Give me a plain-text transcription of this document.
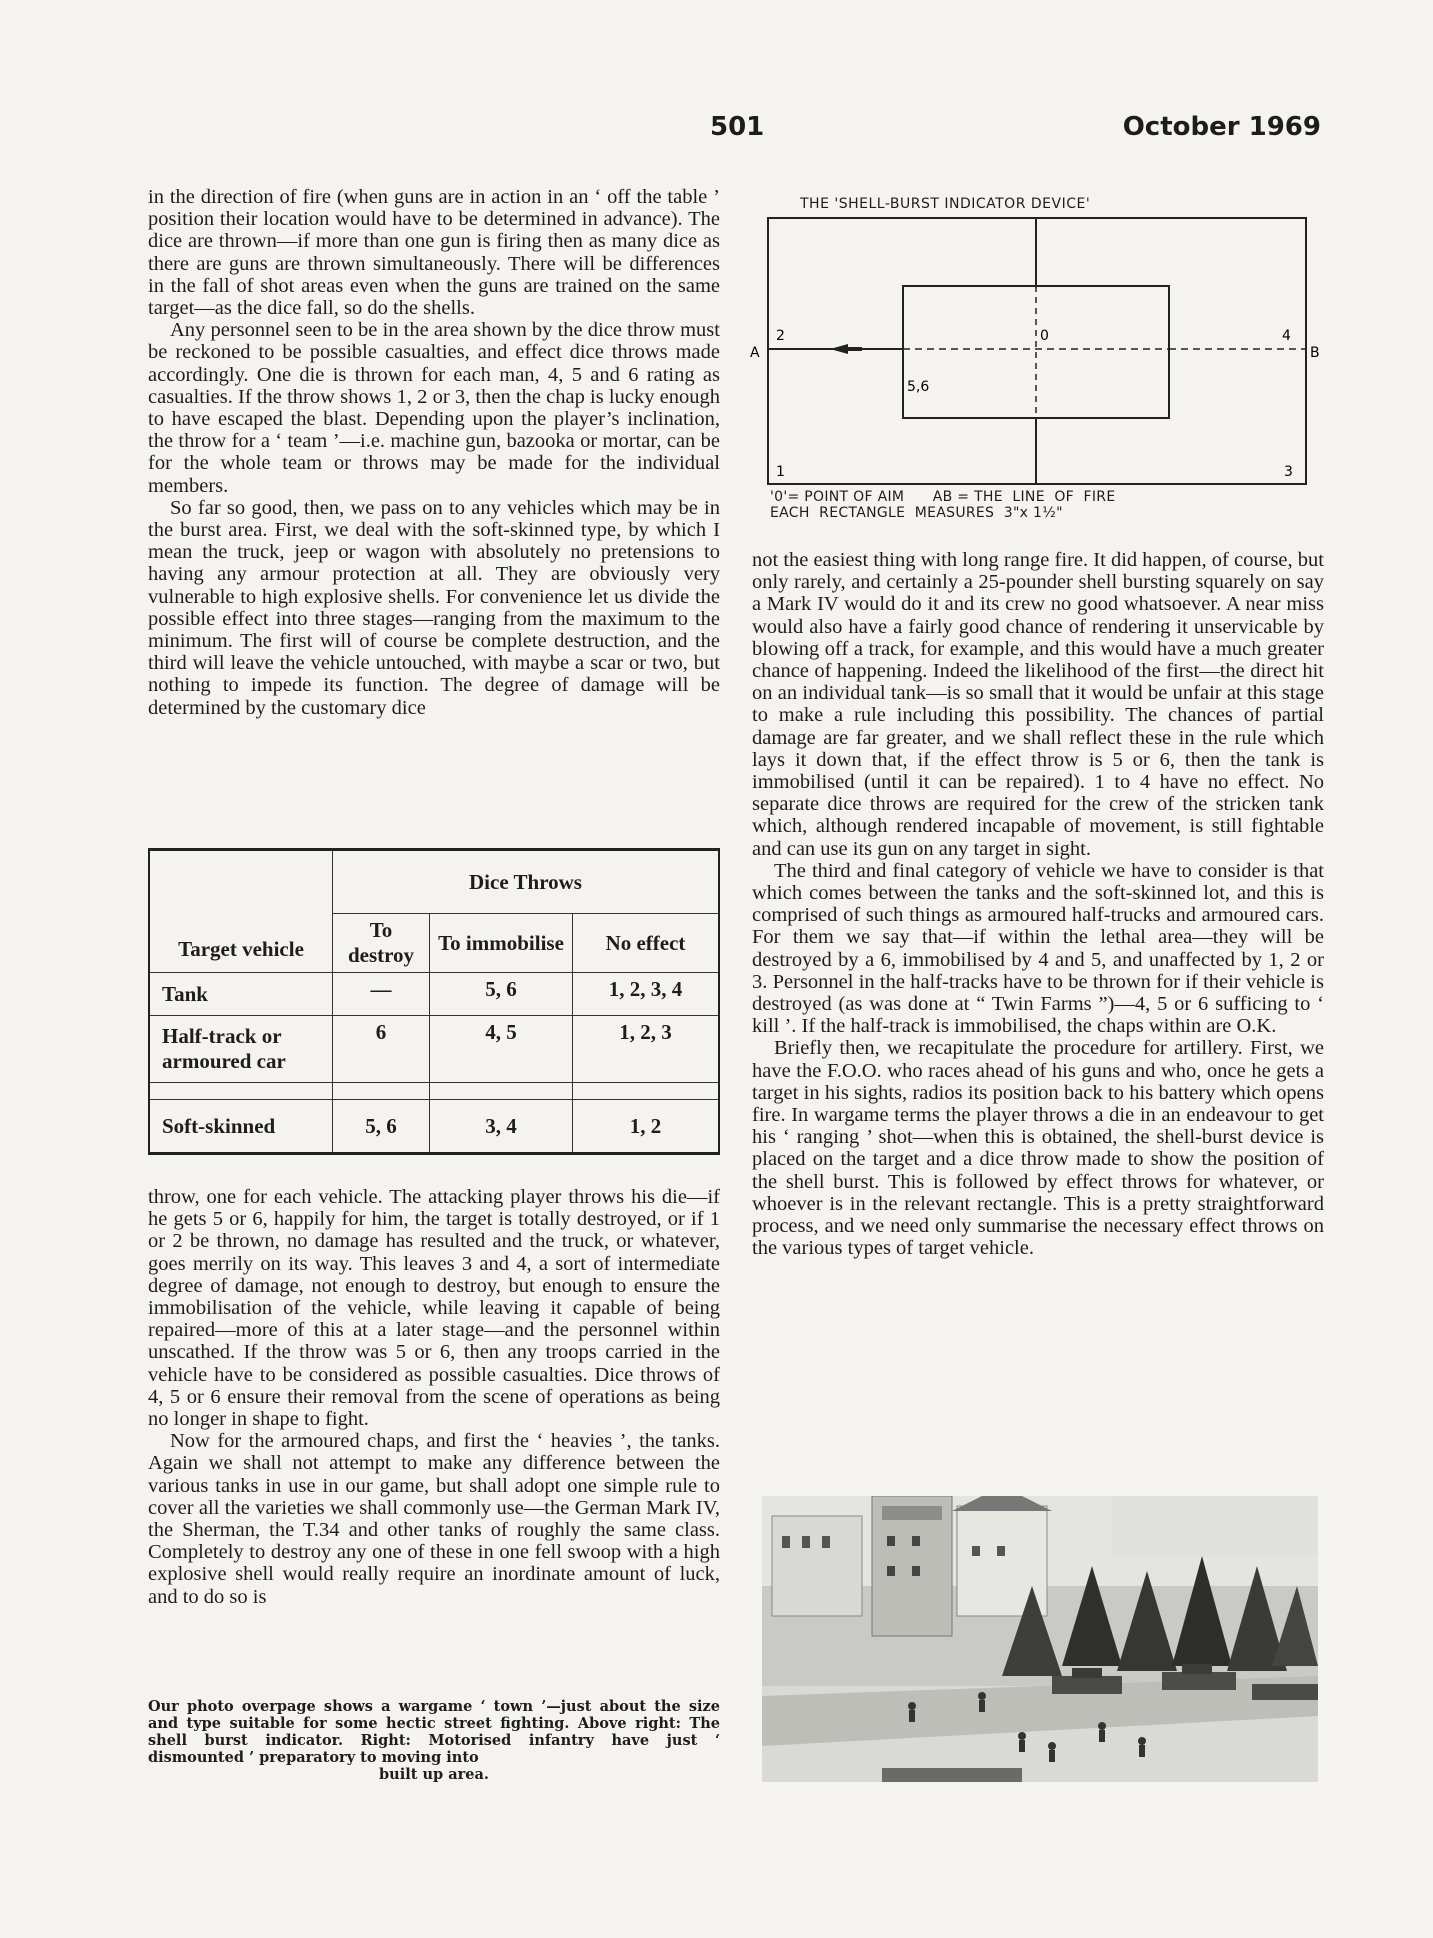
501	October 1969

in the direction of fire (when guns are in action in an ‘ off the table ’ position their location would have to be determined in advance). The dice are thrown—if more than one gun is firing then as many dice as there are guns are thrown simultaneously. There will be differences in the fall of shot areas even when the guns are trained on the same target—as the dice fall, so do the shells.

Any personnel seen to be in the area shown by the dice throw must be reckoned to be possible casualties, and effect dice throws made accordingly. One die is thrown for each man, 4, 5 and 6 rating as casualties. If the throw shows 1, 2 or 3, then the chap is lucky enough to have escaped the blast. Depending upon the player’s inclination, the throw for a ‘ team ’—i.e. machine gun, bazooka or mortar, can be for the whole team or throws may be made for the individual members.

So far so good, then, we pass on to any vehicles which may be in the burst area. First, we deal with the soft-skinned type, by which I mean the truck, jeep or wagon with absolutely no pretensions to having any armour protection at all. They are obviously very vulnerable to high explosive shells. For convenience let us divide the possible effect into three stages—ranging from the maximum to the minimum. The first will of course be complete destruction, and the third will leave the vehicle untouched, with maybe a scar or two, but nothing to impede its function. The degree of damage will be determined by the customary dice

Target vehicle	Dice Throws		
	To destroy	To immobilise	No effect
Tank	—	5, 6	1, 2, 3, 4
Half-track or armoured car	6	4, 5	1, 2, 3

Soft-skinned	5, 6	3, 4	1, 2

throw, one for each vehicle. The attacking player throws his die—if he gets 5 or 6, happily for him, the target is totally destroyed, or if 1 or 2 be thrown, no damage has resulted and the truck, or whatever, goes merrily on its way. This leaves 3 and 4, a sort of intermediate degree of damage, not enough to destroy, but enough to ensure the immobilisation of the vehicle, while leaving it capable of being repaired—more of this at a later stage—and the personnel within unscathed. If the throw was 5 or 6, then any troops carried in the vehicle have to be considered as possible casualties. Dice throws of 4, 5 or 6 ensure their removal from the scene of operations as being no longer in shape to fight.

Now for the armoured chaps, and first the ‘ heavies ’, the tanks. Again we shall not attempt to make any difference between the various tanks in use in our game, but shall adopt one simple rule to cover all the varieties we shall commonly use—the German Mark IV, the Sherman, the T.34 and other tanks of roughly the same class. Completely to destroy any one of these in one fell swoop with a high explosive shell would really require an inordinate amount of luck, and to do so is

Our photo overpage shows a wargame ‘ town ’—just about the size and type suitable for some hectic street fighting. Above right: The shell burst indicator. Right: Motorised infantry have just ‘ dismounted ’ preparatory to moving into
built up area.
THE 'SHELL-BURST INDICATOR DEVICE'
A	B
2	0	4
5,6
1	3
'0'= POINT OF AIM      AB = THE  LINE  OF  FIRE
EACH  RECTANGLE  MEASURES  3"x 1½"

not the easiest thing with long range fire. It did happen, of course, but only rarely, and certainly a 25-pounder shell bursting squarely on say a Mark IV would do it and its crew no good whatsoever. A near miss would also have a fairly good chance of rendering it unservicable by blowing off a track, for example, and this would have a much greater chance of happening. Indeed the likelihood of the first—the direct hit on an individual tank—is so small that it would be unfair at this stage to make a rule including this possibility. The chances of partial damage are far greater, and we shall reflect these in the rule which lays it down that, if the effect throw is 5 or 6, then the tank is immobilised (until it can be repaired). 1 to 4 have no effect. No separate dice throws are required for the crew of the stricken tank which, although rendered incapable of movement, is still fightable and can use its gun on any target in sight.

The third and final category of vehicle we have to consider is that which comes between the tanks and the soft-skinned lot, and this is comprised of such things as armoured half-trucks and armoured cars. For them we say that—if within the lethal area—they will be destroyed by a 6, immobilised by 4 and 5, and unaffected by 1, 2 or 3. Personnel in the half-tracks have to be thrown for if their vehicle is destroyed (as was done at “ Twin Farms ”)—4, 5 or 6 sufficing to ‘ kill ’. If the half-track is immobilised, the chaps within are O.K.

Briefly then, we recapitulate the procedure for artillery. First, we have the F.O.O. who races ahead of his guns and who, once he gets a target in his sights, radios its position back to his battery which opens fire. In wargame terms the player throws a die in an endeavour to get his ‘ ranging ’ shot—when this is obtained, the shell-burst device is placed on the target and a dice throw made to show the position of the shell burst. This is followed by effect throws for whatever, or whoever is in the relevant rectangle. This is a pretty straightforward process, and we need only summarise the necessary effect throws on the various types of target vehicle.
